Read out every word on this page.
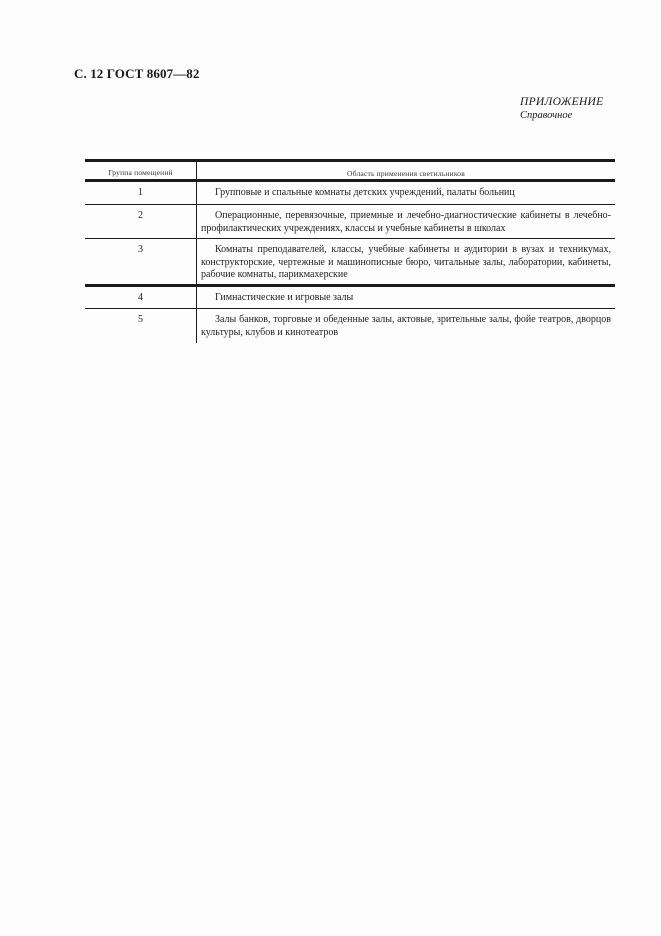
С. 12 ГОСТ 8607—82
ПРИЛОЖЕНИЕ
Справочное
Группа помещений	Область применения светильников
1	Групповые и спальные комнаты детских учреждений, палаты больниц
2	Операционные, перевязочные, приемные и лечебно-диагностические кабинеты в лечебно-профилактических учреждениях, классы и учебные кабинеты в школах
3	Комнаты преподавателей, классы, учебные кабинеты и аудитории в вузах и техникумах, конструкторские, чертежные и машинописные бюро, читальные залы, лаборатории, кабинеты, рабочие комнаты, парикмахерские
4	Гимнастические и игровые залы
5	Залы банков, торговые и обеденные залы, актовые, зрительные залы, фойе театров, дворцов культуры, клубов и кинотеатров
